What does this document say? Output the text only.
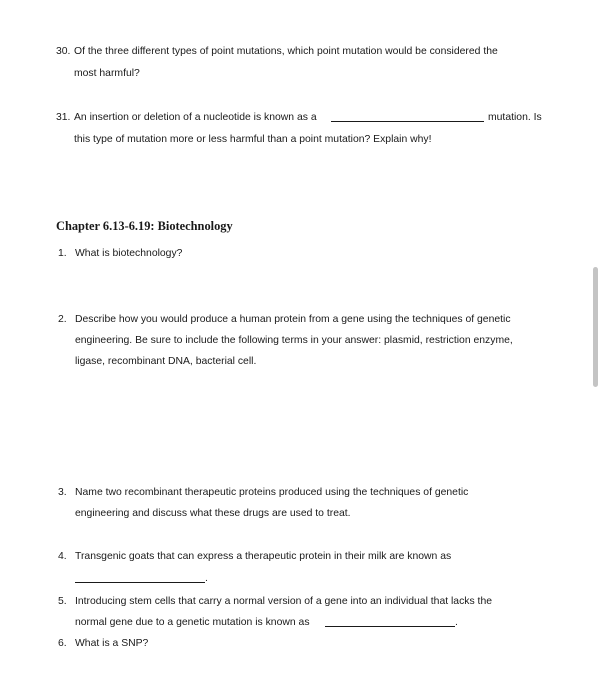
30. Of the three different types of point mutations, which point mutation would be considered the
most harmful?
31. An insertion or deletion of a nucleotide is known as a	mutation. Is
this type of mutation more or less harmful than a point mutation? Explain why!
Chapter 6.13-6.19: Biotechnology
1. What is biotechnology?
2. Describe how you would produce a human protein from a gene using the techniques of genetic
engineering. Be sure to include the following terms in your answer: plasmid, restriction enzyme,
ligase, recombinant DNA, bacterial cell.
3. Name two recombinant therapeutic proteins produced using the techniques of genetic
engineering and discuss what these drugs are used to treat.
4. Transgenic goats that can express a therapeutic protein in their milk are known as
.
5. Introducing stem cells that carry a normal version of a gene into an individual that lacks the
normal gene due to a genetic mutation is known as	.
6. What is a SNP?
